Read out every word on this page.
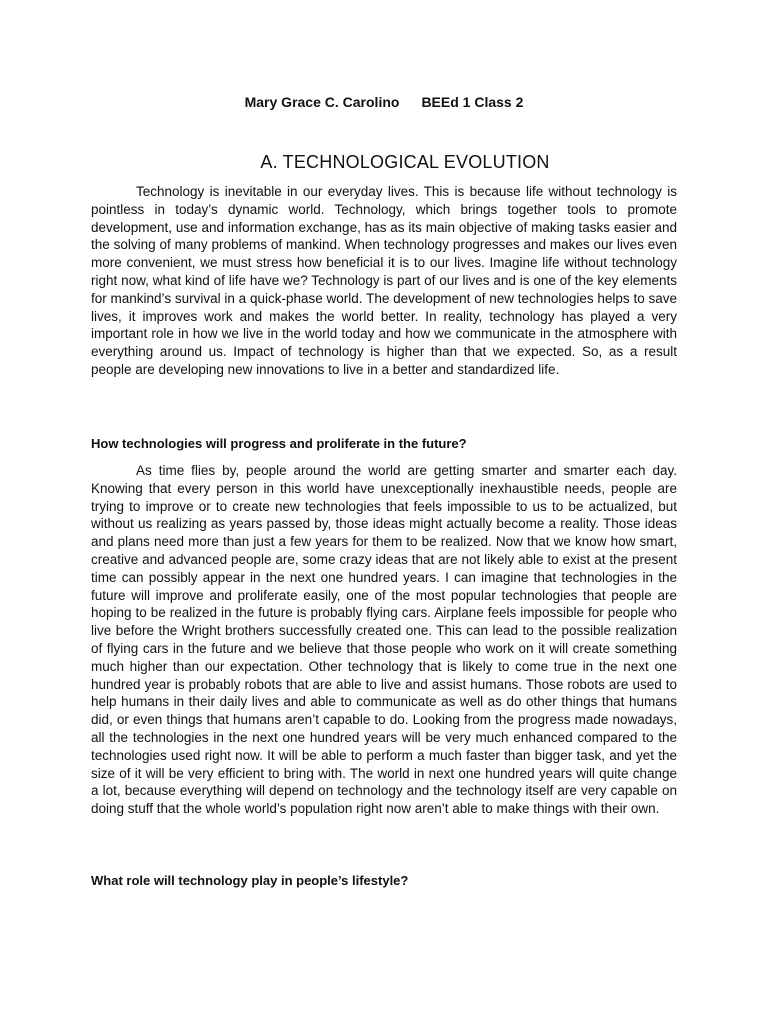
Mary Grace C. Carolino BEEd 1 Class 2
A. TECHNOLOGICAL EVOLUTION

Technology is inevitable in our everyday lives. This is because life without technology is pointless in today’s dynamic world. Technology, which brings together tools to promote development, use and information exchange, has as its main objective of making tasks easier and the solving of many problems of mankind. When technology progresses and makes our lives even more convenient, we must stress how beneficial it is to our lives. Imagine life without technology right now, what kind of life have we? Technology is part of our lives and is one of the key elements for mankind’s survival in a quick-phase world. The development of new technologies helps to save lives, it improves work and makes the world better. In reality, technology has played a very important role in how we live in the world today and how we communicate in the atmosphere with everything around us. Impact of technology is higher than that we expected. So, as a result people are developing new innovations to live in a better and standardized life.

How technologies will progress and proliferate in the future?

As time flies by, people around the world are getting smarter and smarter each day. Knowing that every person in this world have unexceptionally inexhaustible needs, people are trying to improve or to create new technologies that feels impossible to us to be actualized, but without us realizing as years passed by, those ideas might actually become a reality. Those ideas and plans need more than just a few years for them to be realized. Now that we know how smart, creative and advanced people are, some crazy ideas that are not likely able to exist at the present time can possibly appear in the next one hundred years. I can imagine that technologies in the future will improve and proliferate easily, one of the most popular technologies that people are hoping to be realized in the future is probably flying cars. Airplane feels impossible for people who live before the Wright brothers successfully created one. This can lead to the possible realization of flying cars in the future and we believe that those people who work on it will create something much higher than our expectation. Other technology that is likely to come true in the next one hundred year is probably robots that are able to live and assist humans. Those robots are used to help humans in their daily lives and able to communicate as well as do other things that humans did, or even things that humans aren’t capable to do. Looking from the progress made nowadays, all the technologies in the next one hundred years will be very much enhanced compared to the technologies used right now. It will be able to perform a much faster than bigger task, and yet the size of it will be very efficient to bring with. The world in next one hundred years will quite change a lot, because everything will depend on technology and the technology itself are very capable on doing stuff that the whole world’s population right now aren’t able to make things with their own.

What role will technology play in people’s lifestyle?
